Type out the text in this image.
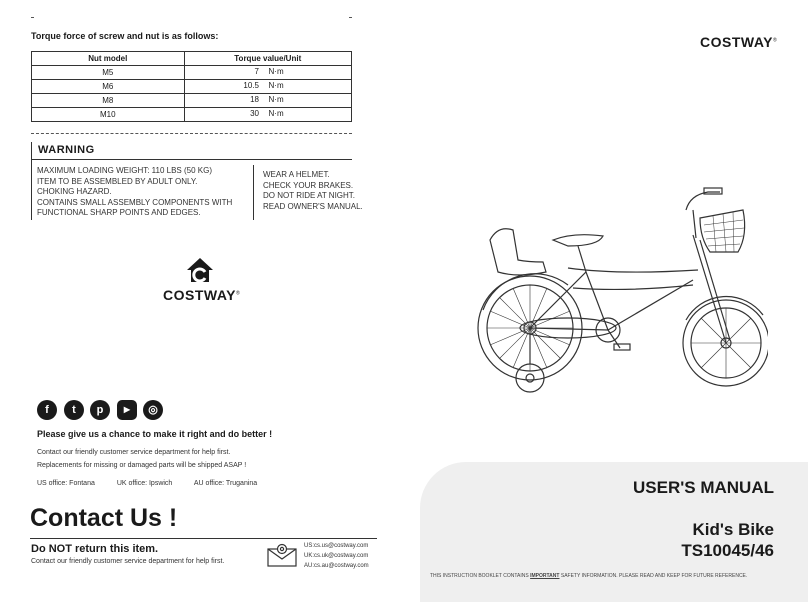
Torque force of screw and nut is as follows:
Nut model	Torque value/Unit
M5	7 N·m

M6	10.5 N·m

M8	18 N·m

M10	30 N·m
WARNING
MAXIMUM LOADING WEIGHT: 110 LBS (50 KG)
ITEM TO BE ASSEMBLED BY ADULT ONLY.
CHOKING HAZARD.
CONTAINS SMALL ASSEMBLY COMPONENTS WITH
FUNCTIONAL SHARP POINTS AND EDGES.
WEAR A HELMET.
CHECK YOUR BRAKES.
DO NOT RIDE AT NIGHT.
READ OWNER'S MANUAL.
COSTWAY®
COSTWAY®
f	t	p	▶	◎
Please give us a chance to make it right and do better !
Contact our friendly customer service department for help first.
Replacements for missing or damaged parts will be shipped ASAP !
US office: Fontana	UK office: Ipswich	AU office: Truganina
Contact Us !
Do NOT return this item.
Contact our friendly customer service department for help first.
US:cs.us@costway.com
UK:cs.uk@costway.com
AU:cs.au@costway.com
USER'S MANUAL
Kid's Bike
TS10045/46
THIS INSTRUCTION BOOKLET CONTAINS IMPORTANT SAFETY INFORMATION. PLEASE READ AND KEEP FOR FUTURE REFERENCE.
